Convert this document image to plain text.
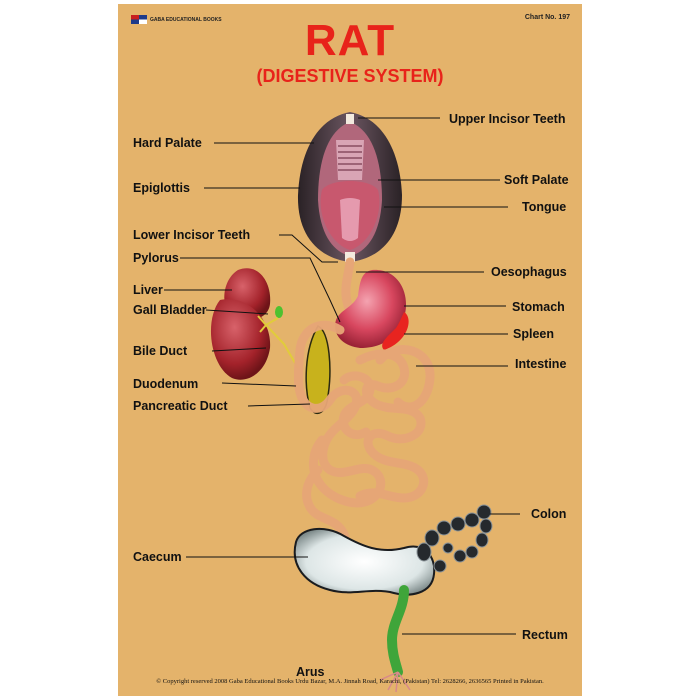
GABA EDUCATIONAL BOOKS	Chart No. 197
RAT
(DIGESTIVE SYSTEM)
Hard Palate
Epiglottis
Lower Incisor Teeth
Pylorus
Liver
Gall Bladder
Bile Duct
Duodenum
Pancreatic Duct
Caecum
Arus
Upper Incisor Teeth
Soft Palate
Tongue
Oesophagus
Stomach
Spleen
Intestine
Colon
Rectum
© Copyright reserved 2008 Gaba Educational Books Urdu Bazar, M.A. Jinnah Road, Karachi, (Pakistan) Tel: 2628266, 2636565 Printed in Pakistan.
